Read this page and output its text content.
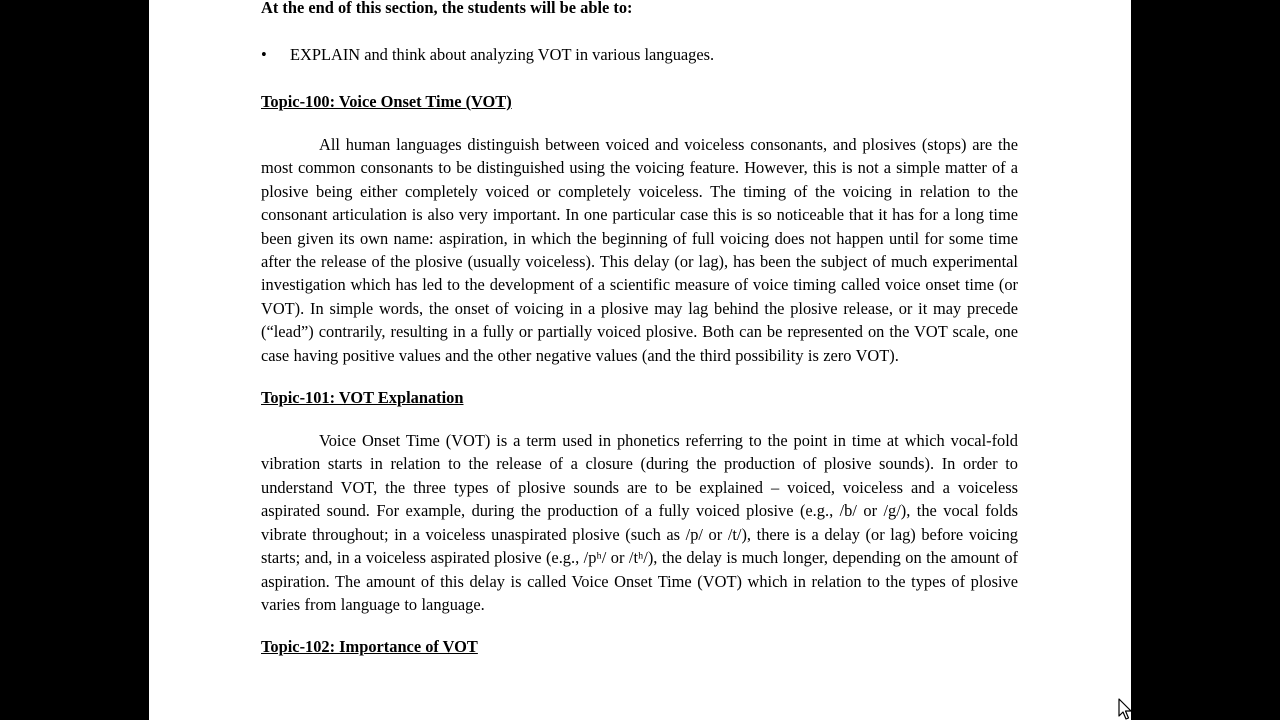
At the end of this section, the students will be able to:

• EXPLAIN and think about analyzing VOT in various languages.

Topic-100: Voice Onset Time (VOT)

All human languages distinguish between voiced and voiceless consonants, and plosives (stops) are the most common consonants to be distinguished using the voicing feature. However, this is not a simple matter of a plosive being either completely voiced or completely voiceless. The timing of the voicing in relation to the consonant articulation is also very important. In one particular case this is so noticeable that it has for a long time been given its own name: aspiration, in which the beginning of full voicing does not happen until for some time after the release of the plosive (usually voiceless). This delay (or lag), has been the subject of much experimental investigation which has led to the development of a scientific measure of voice timing called voice onset time (or VOT). In simple words, the onset of voicing in a plosive may lag behind the plosive release, or it may precede (“lead”) contrarily, resulting in a fully or partially voiced plosive. Both can be represented on the VOT scale, one case having positive values and the other negative values (and the third possibility is zero VOT).

Topic-101: VOT Explanation

Voice Onset Time (VOT) is a term used in phonetics referring to the point in time at which vocal-fold vibration starts in relation to the release of a closure (during the production of plosive sounds). In order to understand VOT, the three types of plosive sounds are to be explained – voiced, voiceless and a voiceless aspirated sound. For example, during the production of a fully voiced plosive (e.g., /b/ or /g/), the vocal folds vibrate throughout; in a voiceless unaspirated plosive (such as /p/ or /t/), there is a delay (or lag) before voicing starts; and, in a voiceless aspirated plosive (e.g., /pʰ/ or /tʰ/), the delay is much longer, depending on the amount of aspiration. The amount of this delay is called Voice Onset Time (VOT) which in relation to the types of plosive varies from language to language.

Topic-102: Importance of VOT
